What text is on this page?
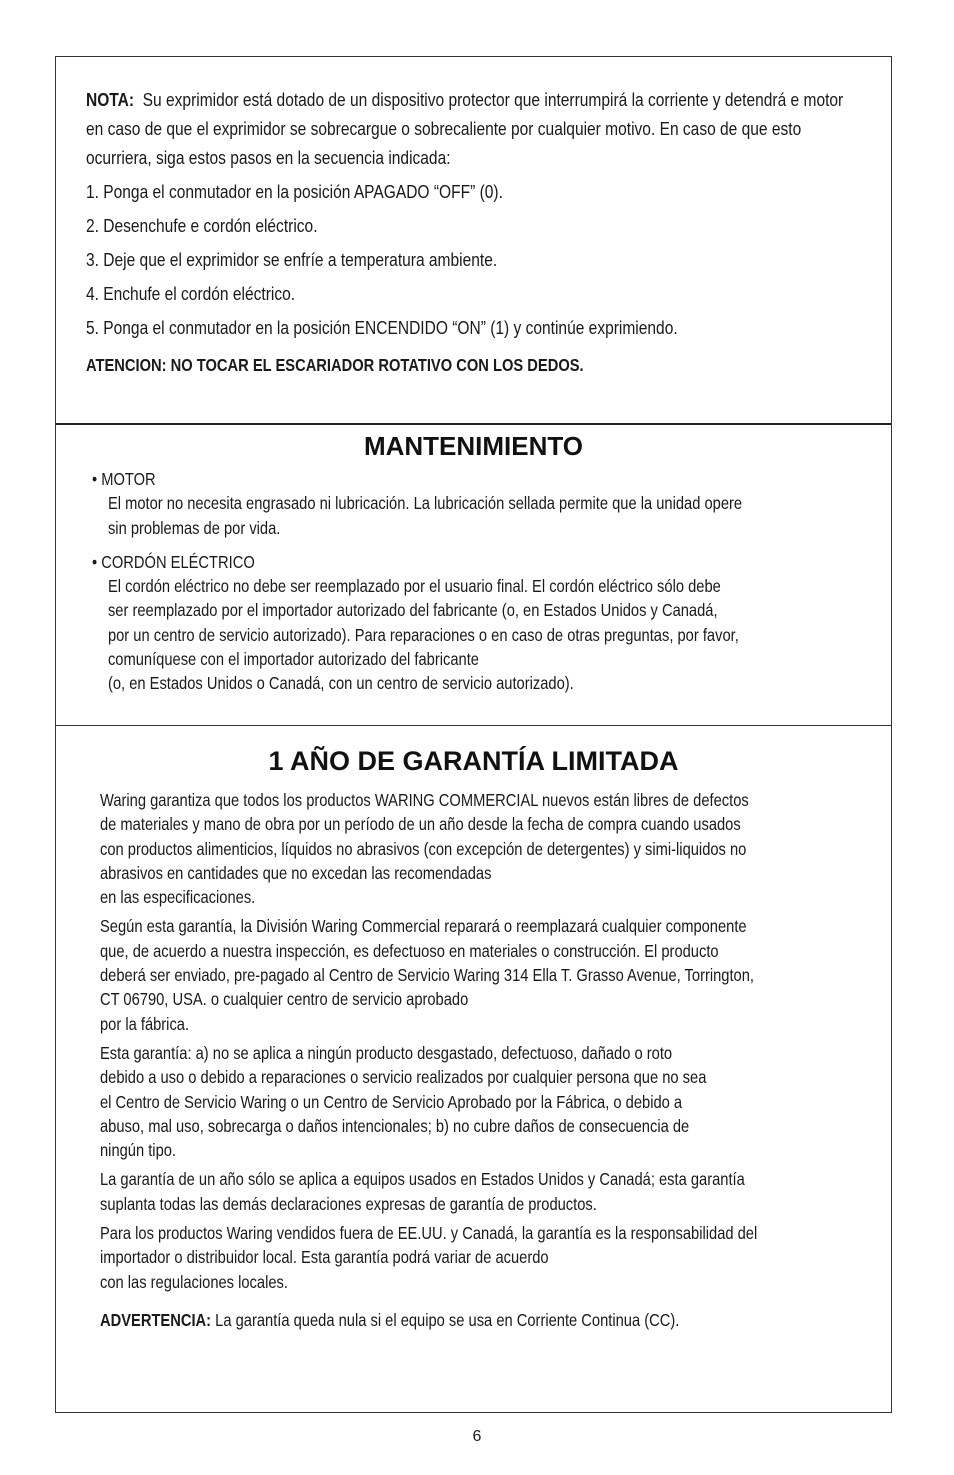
NOTA: Su exprimidor está dotado de un dispositivo protector que interrumpirá la corriente y detendrá e motor en caso de que el exprimidor se sobrecargue o sobrecaliente por cualquier motivo. En caso de que esto ocurriera, siga estos pasos en la secuencia indicada:

1. Ponga el conmutador en la posición APAGADO “OFF” (0).

2. Desenchufe e cordón eléctrico.

3. Deje que el exprimidor se enfríe a temperatura ambiente.

4. Enchufe el cordón eléctrico.

5. Ponga el conmutador en la posición ENCENDIDO “ON” (1) y continúe exprimiendo.

ATENCION: NO TOCAR EL ESCARIADOR ROTATIVO CON LOS DEDOS.

MANTENIMIENTO
• MOTOR
El motor no necesita engrasado ni lubricación. La lubricación sellada permite que la unidad opere
sin problemas de por vida.
• CORDÓN ELÉCTRICO
El cordón eléctrico no debe ser reemplazado por el usuario final. El cordón eléctrico sólo debe
ser reemplazado por el importador autorizado del fabricante (o, en Estados Unidos y Canadá,
por un centro de servicio autorizado). Para reparaciones o en caso de otras preguntas, por favor,
comuníquese con el importador autorizado del fabricante
(o, en Estados Unidos o Canadá, con un centro de servicio autorizado).
1 AÑO DE GARANTÍA LIMITADA

Waring garantiza que todos los productos WARING COMMERCIAL nuevos están libres de defectos
de materiales y mano de obra por un período de un año desde la fecha de compra cuando usados
con productos alimenticios, líquidos no abrasivos (con excepción de detergentes) y simi-liquidos no
abrasivos en cantidades que no excedan las recomendadas
en las especificaciones.

Según esta garantía, la División Waring Commercial reparará o reemplazará cualquier componente
que, de acuerdo a nuestra inspección, es defectuoso en materiales o construcción. El producto
deberá ser enviado, pre-pagado al Centro de Servicio Waring 314 Ella T. Grasso Avenue, Torrington,
CT 06790, USA. o cualquier centro de servicio aprobado
por la fábrica.

Esta garantía: a) no se aplica a ningún producto desgastado, defectuoso, dañado o roto
debido a uso o debido a reparaciones o servicio realizados por cualquier persona que no sea
el Centro de Servicio Waring o un Centro de Servicio Aprobado por la Fábrica, o debido a
abuso, mal uso, sobrecarga o daños intencionales; b) no cubre daños de consecuencia de
ningún tipo.

La garantía de un año sólo se aplica a equipos usados en Estados Unidos y Canadá; esta garantía
suplanta todas las demás declaraciones expresas de garantía de productos.

Para los productos Waring vendidos fuera de EE.UU. y Canadá, la garantía es la responsabilidad del
importador o distribuidor local. Esta garantía podrá variar de acuerdo
con las regulaciones locales.

ADVERTENCIA: La garantía queda nula si el equipo se usa en Corriente Continua (CC).

6
